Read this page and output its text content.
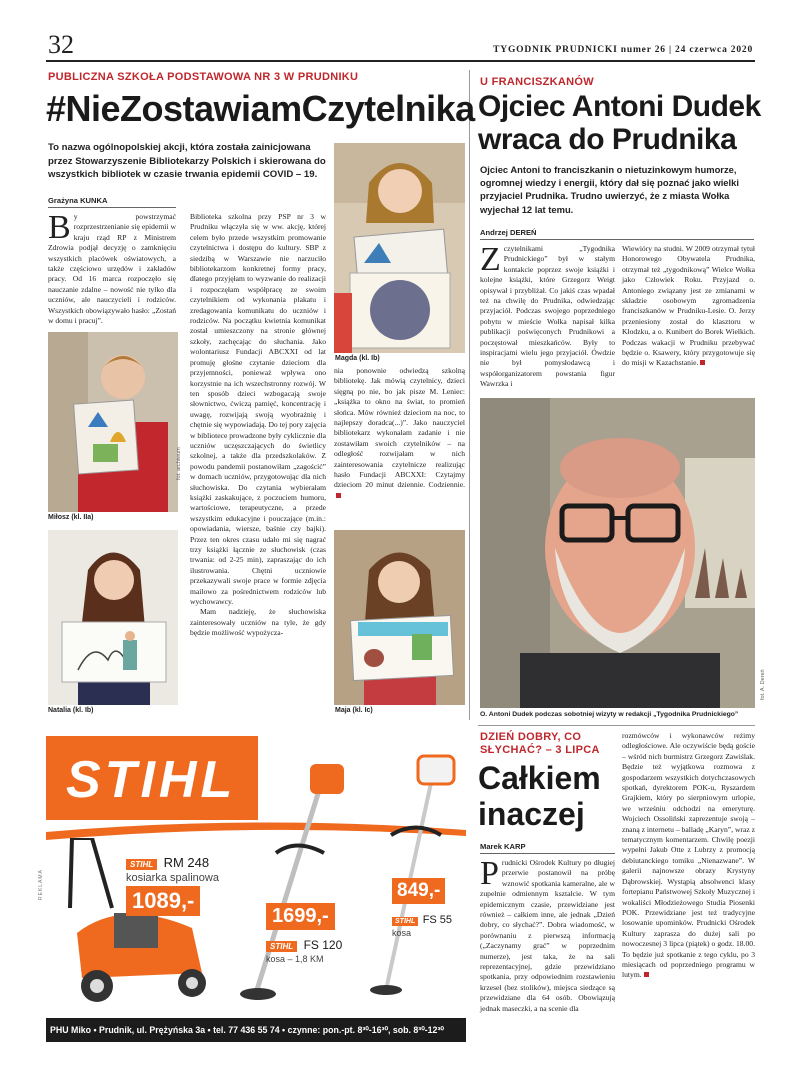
32	TYGODNIK PRUDNICKI numer 26 | 24 czerwca 2020
PUBLICZNA SZKOŁA PODSTAWOWA NR 3 W PRUDNIKU
#NieZostawiamCzytelnika

To nazwa ogólnopolskiej akcji, która została zainicjowana przez Stowarzyszenie Bibliotekarzy Polskich i skierowana do wszystkich bibliotek w czasie trwania epidemii COVID – 19.

Grażyna KUNKA
B y powstrzymać rozprzestrzenianie się epidemii w kraju rząd RP z Ministrem Zdrowia podjął decyzję o zamknięciu wszystkich placówek oświatowych, a także częściowo urzędów i zakładów pracy. Od 16 marca rozpoczęło się nauczanie zdalne – nowość nie tylko dla uczniów, ale nauczycieli i rodziców. Wszystkich obowiązywało hasło: „Zostań w domu i pracuj”.

Miłosz (kl. IIa)
Natalia (kl. Ib)
fot. archiwum

Biblioteka szkolna przy PSP nr 3 w Prudniku włączyła się w ww. akcję, której celem było przede wszystkim promowanie czytelnictwa i dostępu do kultury. SBP z siedzibą w Warszawie nie narzuciło bibliotekarzom konkretnej formy pracy, dlatego przyjęłam to wyzwanie do realizacji i rozpoczęłam współpracę ze swoim czytelnikiem od wykonania plakatu i zredagowania komunikatu do uczniów i rodziców. Na początku kwietnia komunikat został umieszczony na stronie głównej szkoły, zachęcając do słuchania. Jako wolontariusz Fundacji ABCXXI od lat promuję głośne czytanie dzieciom dla przyjemności, ponieważ wpływa ono korzystnie na ich wszechstronny rozwój. W ten sposób dzieci wzbogacają swoje słownictwo, ćwiczą pamięć, koncentrację i uwagę, rozwijają swoją wyobraźnię i chętnie się wypowiadają. Do tej pory zajęcia w bibliotece prowadzone były cyklicznie dla uczniów uczęszczających do świetlicy szkolnej, a także dla przedszkolaków. Z powodu pandemii postanowiłam „zagościć” w domach uczniów, przygotowując dla nich słuchowiska. Do czytania wybierałam książki zaskakujące, z poczuciem humoru, wartościowe, terapeutyczne, a przede wszystkim edukacyjne i pouczające (m.in.: opowiadania, wiersze, baśnie czy bajki). Przez ten okres czasu udało mi się nagrać trzy książki łącznie ze słuchowisk (czas trwania: od 2-25 min), zapraszając do ich ilustrowania. Chętni uczniowie przekazywali swoje prace w formie zdjęcia mailowo za pośrednictwem rodziców lub wychowawcy.

Mam nadzieję, że słuchowiska zainteresowały uczniów na tyle, że gdy będzie możliwość wypożycza-

Magda (kl. Ib)

nia ponownie odwiedzą szkolną bibliotekę. Jak mówią czytelnicy, dzieci sięgną po nie, bo jak pisze M. Leniec: „książka to okno na świat, to promień słońca. Mów również dzieciom na noc, to najlepszy doradca(...)”. Jako nauczyciel bibliotekarz wykonałam zadanie i nie zostawiłam swoich czytelników – na odległość rozwijałam w nich zainteresowania czytelnicze realizując hasło Fundacji ABCXXI: Czytajmy dzieciom 20 minut dziennie. Codziennie.

Maja (kl. Ic)
U FRANCISZKANÓW
Ojciec Antoni Dudek
wraca do Prudnika

Ojciec Antoni to franciszkanin o nietuzinkowym humorze, ogromnej wiedzy i energii, który dał się poznać jako wielki przyjaciel Prudnika. Trudno uwierzyć, że z miasta Wołka wyjechał 12 lat temu.

Andrzej DEREŃ
Z czytelnikami „Tygodnika Prudnickiego” był w stałym kontakcie poprzez swoje książki i kolejne książki, które Grzegorz Weigt opisywał i przybliżał. Co jakiś czas wpadał też na chwilę do Prudnika, odwiedzając przyjaciół. Podczas swojego poprzedniego pobytu w mieście Wołka napisał kilka publikacji poświęconych Prudnikowi a poczęstował mieszkańców. Były to inspiracjami wielu jego przyjaciół. Ówdzie nie był pomysłodawcą i współorganizatorem powstania figur Wawrzka i

Wiewióry na studni. W 2009 otrzymał tytuł Honorowego Obywatela Prudnika, otrzymał też „tygodnikową” Wielce Wołka jako Człowiek Roku. Przyjazd o. Antoniego związany jest ze zmianami w składzie osobowym zgromadzenia franciszkanów w Prudniku-Lesie. O. Jerzy przeniesiony został do klasztoru w Kłodzku, a o. Kunibert do Borek Wielkich. Podczas wakacji w Prudniku przebywać będzie o. Ksawery, który przygotowuje się do misji w Kazachstanie.

fot. A. Dereń
O. Antoni Dudek podczas sobotniej wizyty w redakcji „Tygodnika Prudnickiego”
DZIEŃ DOBRY, CO SŁYCHAĆ? – 3 LIPCA
Całkiem
inaczej
Marek KARP
P rudnicki Ośrodek Kultury po długiej przerwie postanowił na próbę wznowić spotkania kameralne, ale w zupełnie odmiennym kształcie. W tym epidemicznym czasie, przewidziane jest również – całkiem inne, ale jednak „Dzień dobry, co słychać?”. Dobra wiadomość, w porównaniu z pierwszą informacją („Zaczynamy grać” w poprzednim numerze), jest taka, że na sali reprezentacyjnej, gdzie przewidziano spotkania, przy odpowiednim rozstawieniu krzeseł (bez stolików), miejsca siedzące są przewidziane dla 64 osób. Obowiązują jednak maseczki, a na scenie dla

rozmówców i wykonawców reżimy odległościowe. Ale oczywiście będą goście – wśród nich burmistrz Grzegorz Zawiślak. Będzie też wyjątkowa rozmowa z gospodarzem wszystkich dotychczasowych spotkań, dyrektorem POK-u, Ryszardem Grajkiem, który po sierpniowym urlopie, we wrześniu odchodzi na emeryturę. Wojciech Ossoliński zaprezentuje swoją – znaną z internetu – balladę „Karyn”, wraz z tematycznym komentarzem. Chwilę poezji wypełni Jakub Otte z Lubrzy z promocją debiutanckiego tomiku „Nienazwane”. W galerii najnowsze obrazy Krystyny Dąbrowskiej. Wystąpią absolwenci klasy fortepianu Państwowej Szkoły Muzycznej i wokaliści Młodzieżowego Studia Piosenki POK. Przewidziane jest też tradycyjne losowanie upominków. Prudnicki Ośrodek Kultury zaprasza do dużej sali po nowoczesnej 3 lipca (piątek) o godz. 18.00. To będzie już spotkanie z tego cyklu, po 3 miesiącach od poprzedniego programu w lutym.

STIHL
STIHL RM 248
kosiarka spalinowa
1089,-
1699,-
STIHL FS 120
kosa – 1,8 KM
849,-
STIHL FS 55
kosa
PHU Miko • Prudnik, ul. Prężyńska 3a • tel. 77 436 55 74 • czynne: pon.-pt. 8³⁰-16³⁰, sob. 8³⁰-12³⁰
REKLAMA
